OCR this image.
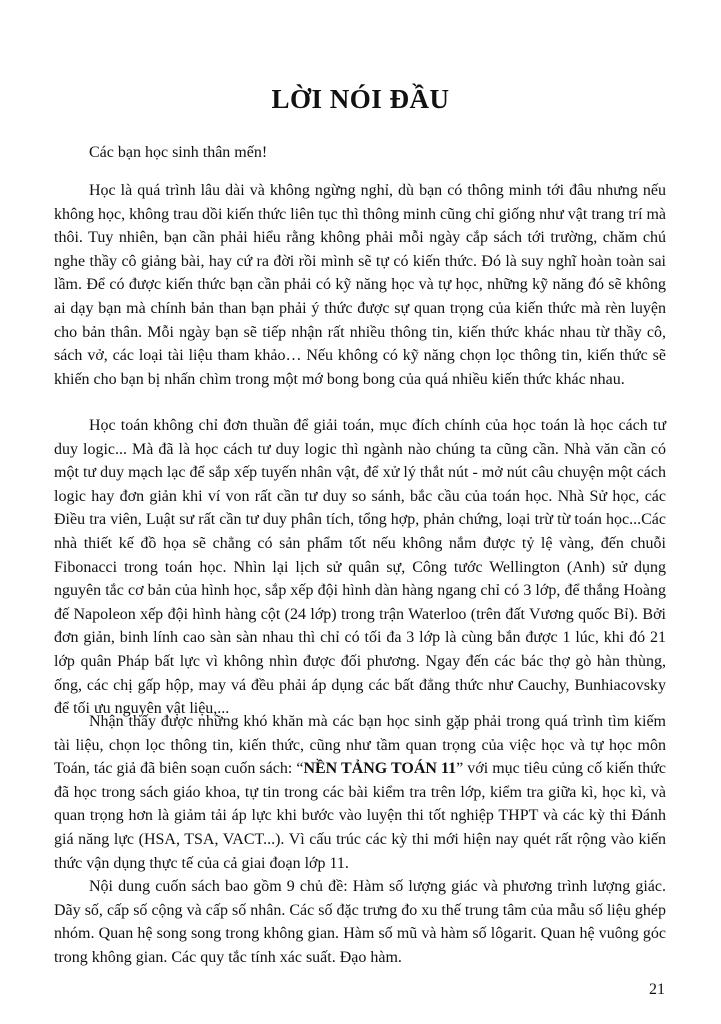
LỜI NÓI ĐẦU

Các bạn học sinh thân mến!

Học là quá trình lâu dài và không ngừng nghỉ, dù bạn có thông minh tới đâu nhưng nếu không học, không trau dồi kiến thức liên tục thì thông minh cũng chỉ giống như vật trang trí mà thôi. Tuy nhiên, bạn cần phải hiểu rằng không phải mỗi ngày cắp sách tới trường, chăm chú nghe thầy cô giảng bài, hay cứ ra đời rồi mình sẽ tự có kiến thức. Đó là suy nghĩ hoàn toàn sai lầm. Để có được kiến thức bạn cần phải có kỹ năng học và tự học, những kỹ năng đó sẽ không ai dạy bạn mà chính bản than bạn phải ý thức được sự quan trọng của kiến thức mà rèn luyện cho bản thân. Mỗi ngày bạn sẽ tiếp nhận rất nhiều thông tin, kiến thức khác nhau từ thầy cô, sách vở, các loại tài liệu tham khảo… Nếu không có kỹ năng chọn lọc thông tin, kiến thức sẽ khiến cho bạn bị nhấn chìm trong một mớ bong bong của quá nhiều kiến thức khác nhau.

Học toán không chỉ đơn thuần để giải toán, mục đích chính của học toán là học cách tư duy logic... Mà đã là học cách tư duy logic thì ngành nào chúng ta cũng cần. Nhà văn cần có một tư duy mạch lạc để sắp xếp tuyến nhân vật, để xử lý thắt nút - mở nút câu chuyện một cách logic hay đơn giản khi ví von rất cần tư duy so sánh, bắc cầu của toán học. Nhà Sử học, các Điều tra viên, Luật sư rất cần tư duy phân tích, tổng hợp, phản chứng, loại trừ từ toán học...Các nhà thiết kế đồ họa sẽ chẳng có sản phẩm tốt nếu không nắm được tỷ lệ vàng, đến chuỗi Fibonacci trong toán học. Nhìn lại lịch sử quân sự, Công tước Wellington (Anh) sử dụng nguyên tắc cơ bản của hình học, sắp xếp đội hình dàn hàng ngang chỉ có 3 lớp, để thắng Hoàng đế Napoleon xếp đội hình hàng cột (24 lớp) trong trận Waterloo (trên đất Vương quốc Bỉ). Bởi đơn giản, binh lính cao sàn sàn nhau thì chỉ có tối đa 3 lớp là cùng bắn được 1 lúc, khi đó 21 lớp quân Pháp bất lực vì không nhìn được đối phương. Ngay đến các bác thợ gò hàn thùng, ống, các chị gấp hộp, may vá đều phải áp dụng các bất đẳng thức như Cauchy, Bunhiacovsky để tối ưu nguyên vật liệu,...

Nhận thấy được những khó khăn mà các bạn học sinh gặp phải trong quá trình tìm kiếm tài liệu, chọn lọc thông tin, kiến thức, cũng như tầm quan trọng của việc học và tự học môn Toán, tác giả đã biên soạn cuốn sách: “NỀN TẢNG TOÁN 11” với mục tiêu củng cố kiến thức đã học trong sách giáo khoa, tự tin trong các bài kiểm tra trên lớp, kiểm tra giữa kì, học kì, và quan trọng hơn là giảm tải áp lực khi bước vào luyện thi tốt nghiệp THPT và các kỳ thi Đánh giá năng lực (HSA, TSA, VACT...). Vì cấu trúc các kỳ thi mới hiện nay quét rất rộng vào kiến thức vận dụng thực tế của cả giai đoạn lớp 11.

Nội dung cuốn sách bao gồm 9 chủ đề: Hàm số lượng giác và phương trình lượng giác. Dãy số, cấp số cộng và cấp số nhân. Các số đặc trưng đo xu thế trung tâm của mẫu số liệu ghép nhóm. Quan hệ song song trong không gian. Hàm số mũ và hàm số lôgarit. Quan hệ vuông góc trong không gian. Các quy tắc tính xác suất. Đạo hàm.

21
